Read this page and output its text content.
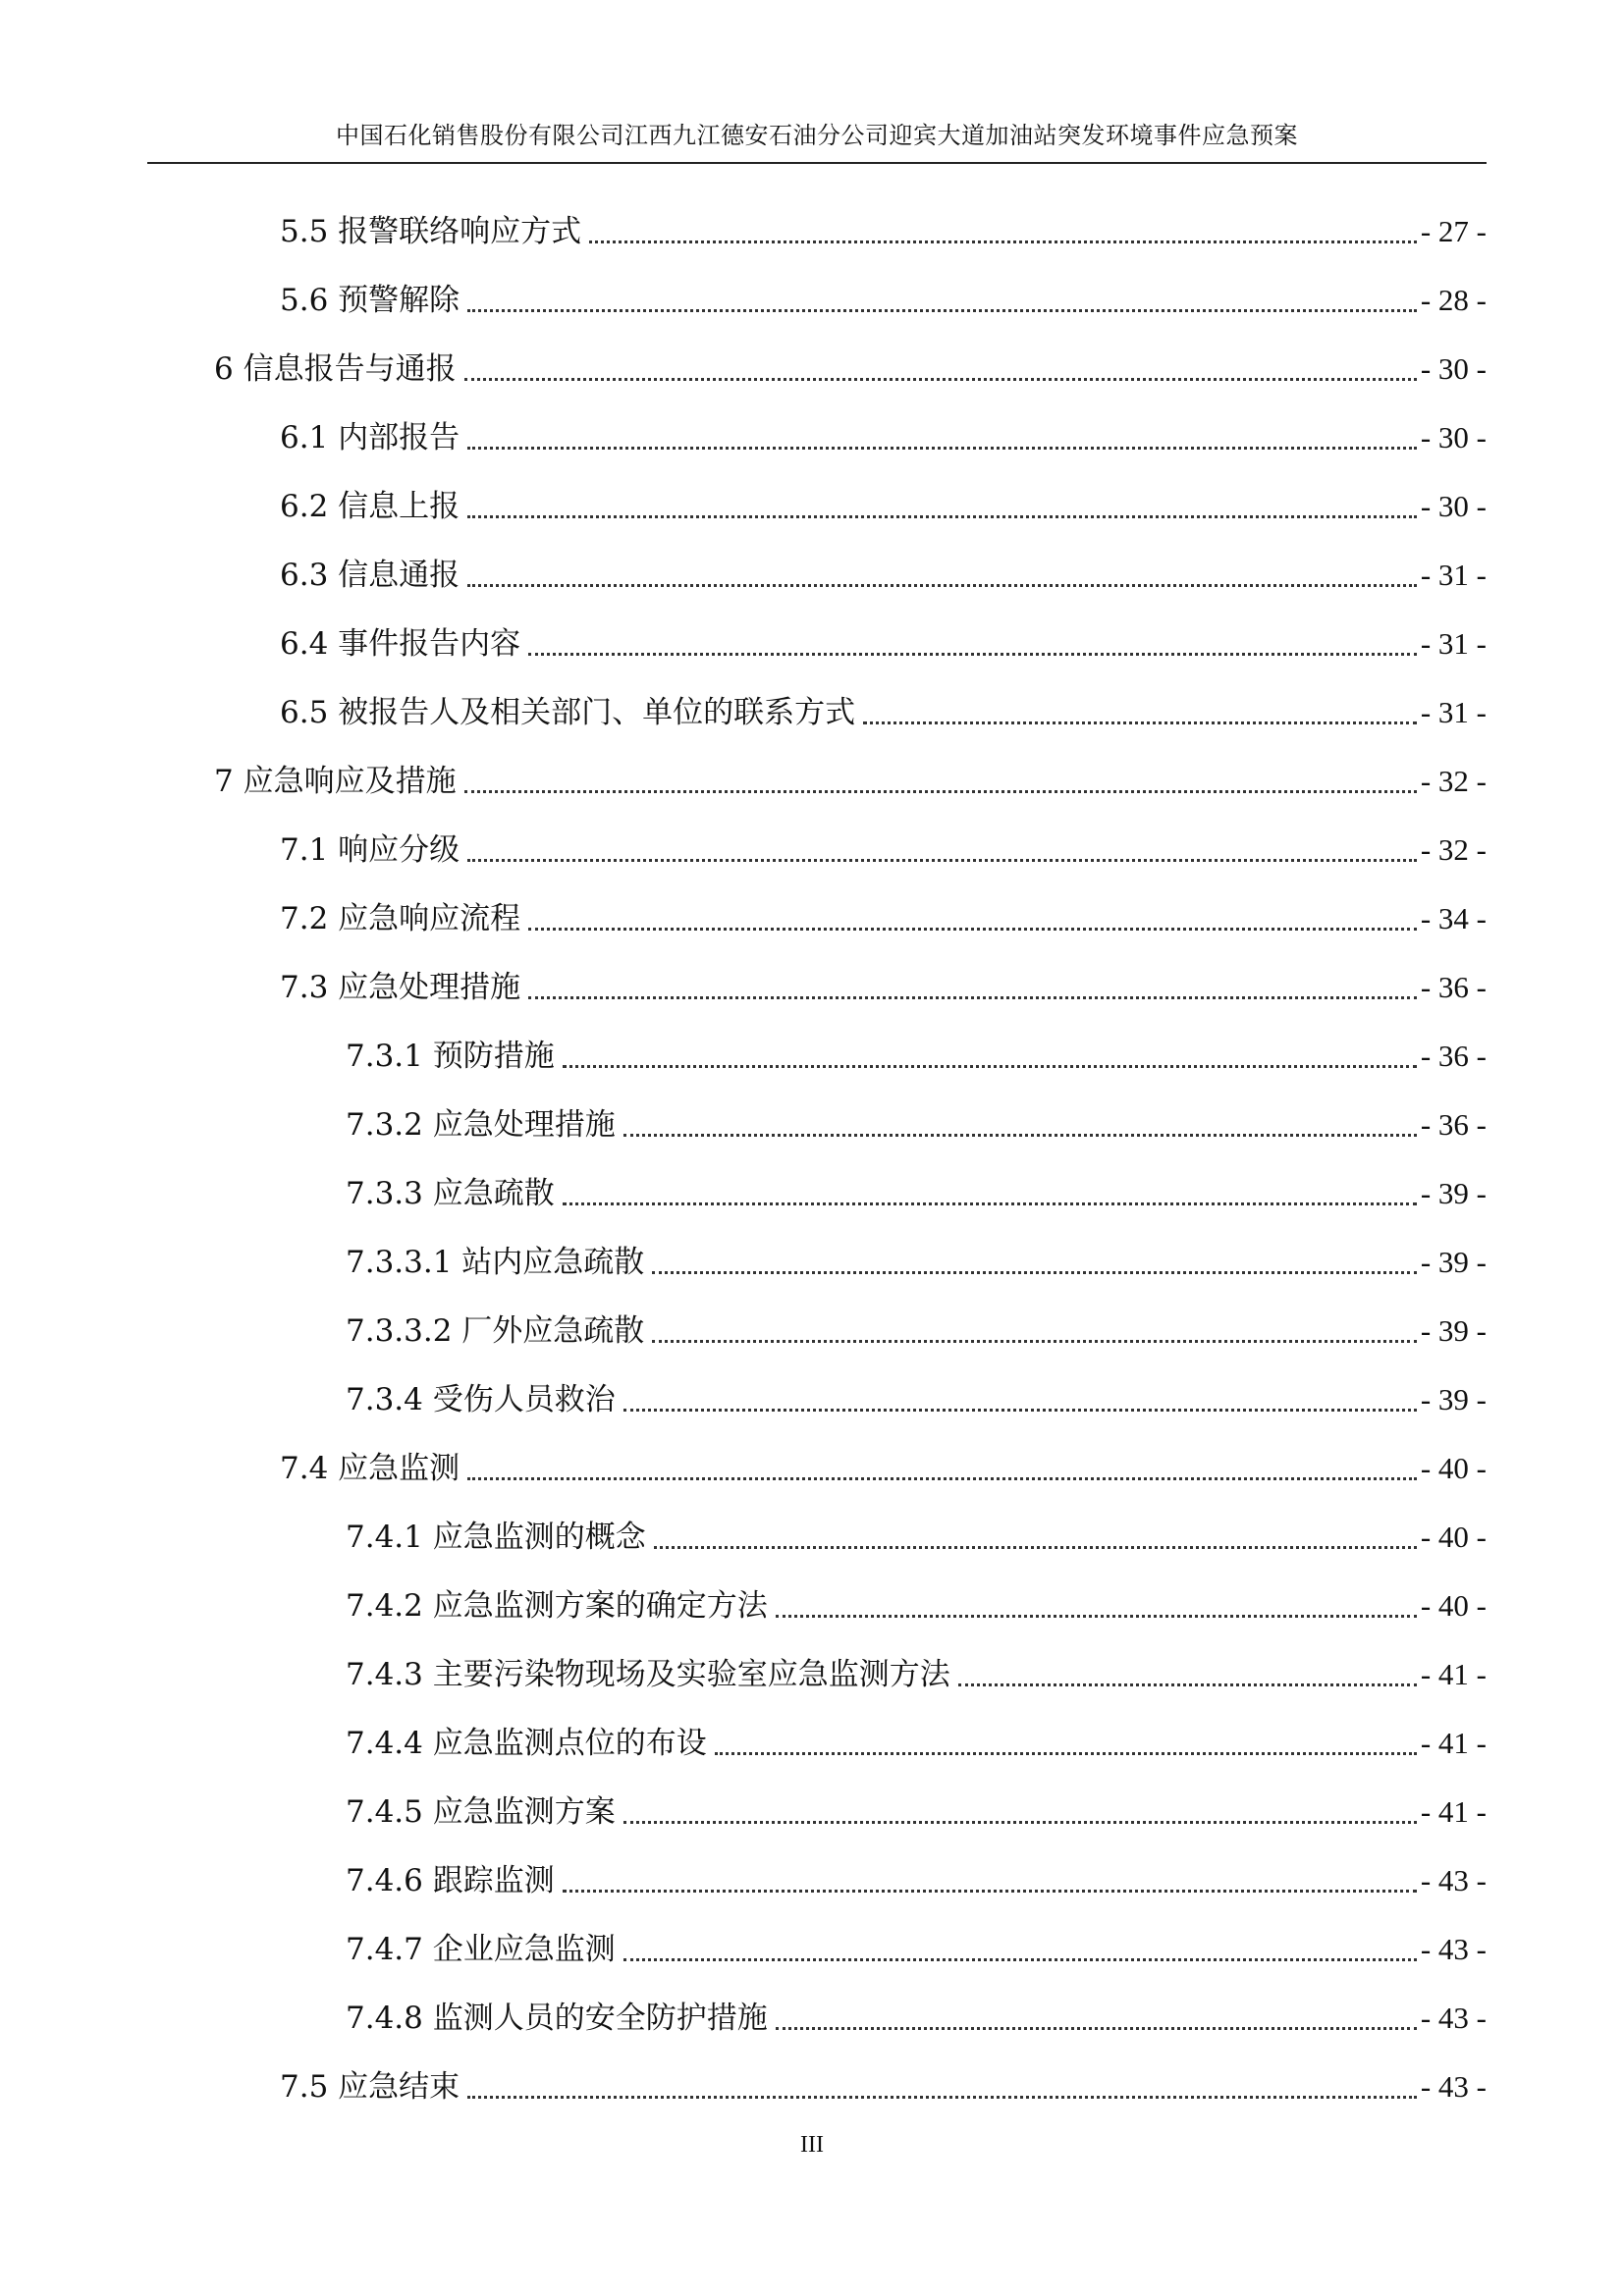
中国石化销售股份有限公司江西九江德安石油分公司迎宾大道加油站突发环境事件应急预案
5.5 报警联络响应方式	- 27 -
5.6 预警解除	- 28 -
6 信息报告与通报	- 30 -
6.1 内部报告	- 30 -
6.2 信息上报	- 30 -
6.3 信息通报	- 31 -
6.4 事件报告内容	- 31 -
6.5 被报告人及相关部门、单位的联系方式	- 31 -
7 应急响应及措施	- 32 -
7.1 响应分级	- 32 -
7.2 应急响应流程	- 34 -
7.3 应急处理措施	- 36 -
7.3.1 预防措施	- 36 -
7.3.2 应急处理措施	- 36 -
7.3.3 应急疏散	- 39 -
7.3.3.1 站内应急疏散	- 39 -
7.3.3.2 厂外应急疏散	- 39 -
7.3.4 受伤人员救治	- 39 -
7.4 应急监测	- 40 -
7.4.1 应急监测的概念	- 40 -
7.4.2 应急监测方案的确定方法	- 40 -
7.4.3 主要污染物现场及实验室应急监测方法	- 41 -
7.4.4 应急监测点位的布设	- 41 -
7.4.5 应急监测方案	- 41 -
7.4.6 跟踪监测	- 43 -
7.4.7 企业应急监测	- 43 -
7.4.8 监测人员的安全防护措施	- 43 -
7.5 应急结束	- 43 -
III
